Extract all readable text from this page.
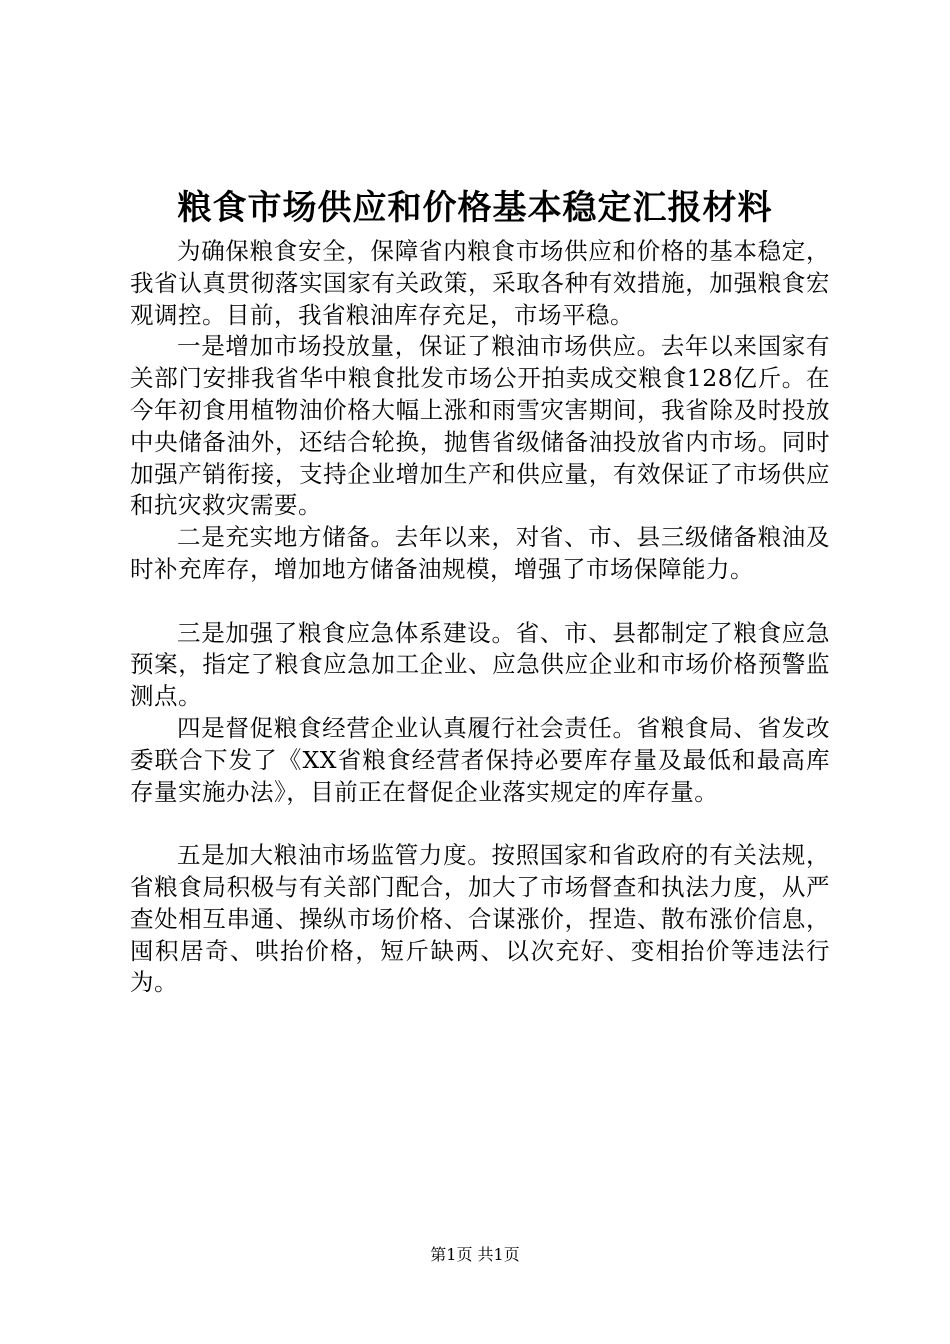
粮食市场供应和价格基本稳定汇报材料

为确保粮食安全，保障省内粮食市场供应和价格的基本稳定，我省认真贯彻落实国家有关政策，采取各种有效措施，加强粮食宏观调控。目前，我省粮油库存充足，市场平稳。

一是增加市场投放量，保证了粮油市场供应。去年以来国家有关部门安排我省华中粮食批发市场公开拍卖成交粮食128亿斤。在今年初食用植物油价格大幅上涨和雨雪灾害期间，我省除及时投放中央储备油外，还结合轮换，抛售省级储备油投放省内市场。同时加强产销衔接，支持企业增加生产和供应量，有效保证了市场供应和抗灾救灾需要。

二是充实地方储备。去年以来，对省、市、县三级储备粮油及时补充库存，增加地方储备油规模，增强了市场保障能力。

三是加强了粮食应急体系建设。省、市、县都制定了粮食应急预案，指定了粮食应急加工企业、应急供应企业和市场价格预警监测点。

四是督促粮食经营企业认真履行社会责任。省粮食局、省发改委联合下发了《XX省粮食经营者保持必要库存量及最低和最高库存量实施办法》，目前正在督促企业落实规定的库存量。

五是加大粮油市场监管力度。按照国家和省政府的有关法规，省粮食局积极与有关部门配合，加大了市场督查和执法力度，从严查处相互串通、操纵市场价格、合谋涨价，捏造、散布涨价信息，囤积居奇、哄抬价格，短斤缺两、以次充好、变相抬价等违法行为。

第1页 共1页
